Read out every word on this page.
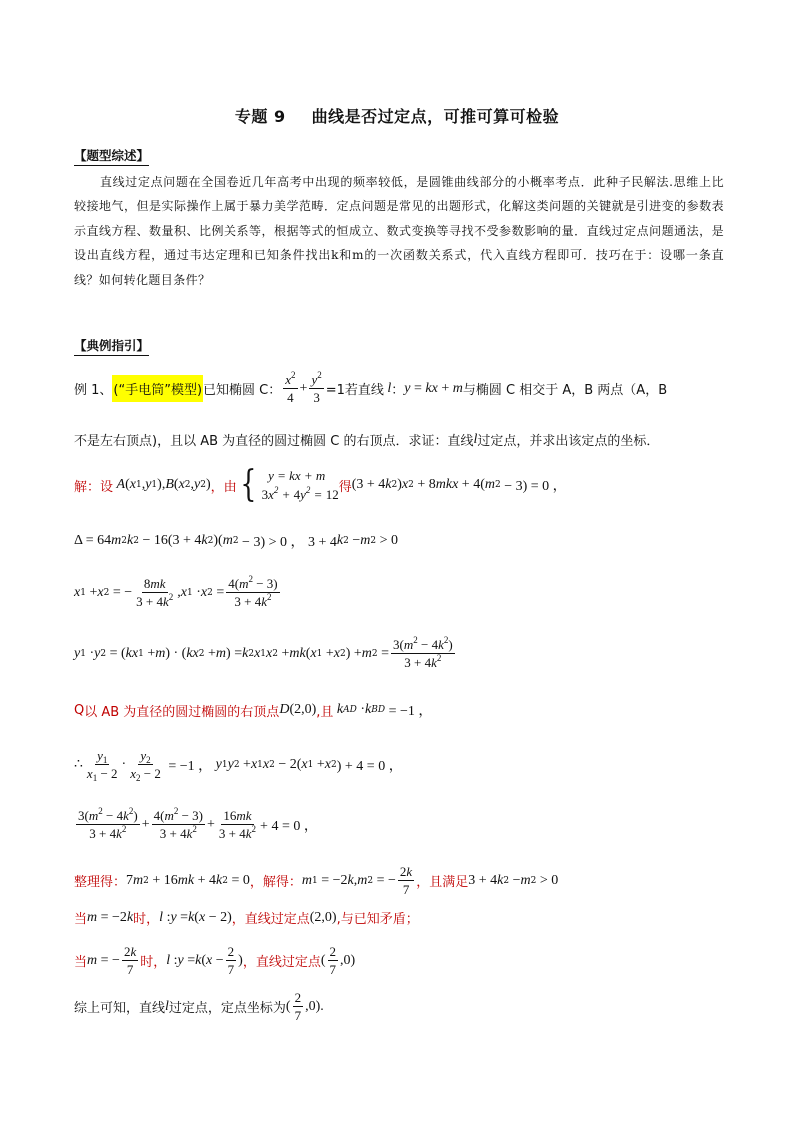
专题 9 曲线是否过定点，可推可算可检验
【题型综述】
直线过定点问题在全国卷近几年高考中出现的频率较低，是圆锥曲线部分的小概率考点．此种子民解法.思维上比较接地气，但是实际操作上属于暴力美学范畴．定点问题是常见的出题形式，化解这类问题的关键就是引进变的参数表示直线方程、数量积、比例关系等，根据等式的恒成立、数式变换等寻找不受参数影响的量．直线过定点问题通法，是设出直线方程，通过韦达定理和已知条件找出k和m的一次函数关系式，代入直线方程即可．技巧在于：设哪一条直线？如何转化题目条件？
【典例指引】
例 1、 (“手电筒”模型) 已知椭圆 C： $\frac{x^2}{4} + \frac{y^2}{3} =1$若直线 l ： y = kx + m 与椭圆 C 相交于 A，B 两点（A，B
不是左右顶点)，且以 AB 为直径的圆过椭圆 C 的右顶点．求证：直线 l 过定点，并求出该定点的坐标．
解：设 A ( x 1 , y 1 ), B ( x 2 , y 2 ) ，由 { y = kx + m
$3x^2 + 4y^2 = 12$ 得 (3 + 4 k 2 ) x 2 + 8 mkx + 4( m 2 − 3) = 0 ，
Δ = 64 m 2 k 2 − 16(3 + 4 k 2 )( m 2 − 3) > 0 ， 3 + 4 k 2 − m 2 > 0
x 1 + x 2 = − $\frac{8mk}{3 + 4k^2}$ , x 1 · x $2 = \frac{4(m^2 - 3)}{3 + 4k^2}$
y 1 · y 2 = ( kx 1 + m ) · ( kx 2 + m ) = k 2 x 1 x 2 + mk ( x 1 + x 2 ) + m $2 = \frac{3(m^2 - 4k^2)}{3 + 4k^2}$
Q 以 AB 为直径的圆过椭圆的右顶点 D (2,0) ,且 k AD · k BD = −1 ，
∴ $\frac{y_1}{x_1 - 2} \cdot \frac{y_2}{x_2 - 2} = -1$ ， y 1 y 2 + x 1 x 2 − 2( x 1 + x 2 ) + 4 = 0 ，
$\frac{3(m^2 - 4k^2)}{3 + 4k^2} + \frac{4(m^2 - 3)}{3 + 4k^2} + \frac{16mk}{3 + 4k^2} + 4 = 0$ ，
整理得： 7 m 2 + 16 mk + 4 k 2 = 0 ，解得： m 1 = −2 k , m 2 = − $\frac{2k}{7}$ ，且满足 3 + 4 k 2 − m 2 > 0
当 m = −2 k 时， l : y = k ( x − 2) ，直线过定点 (2,0) ,与已知矛盾；
当 m = − $\frac{2k}{7}$ 时， l : y = k ( $x - \frac{2}{7}$ ) ，直线过定点 ( $\frac{2}{7} ,0$)
综上可知，直线 l 过定点，定点坐标为 ( $\frac{2}{7} ,0$).
